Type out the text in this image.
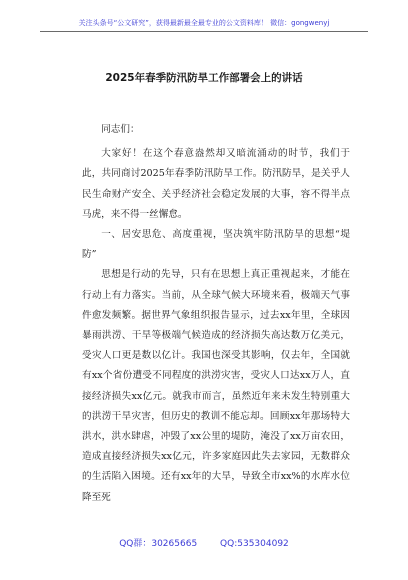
关注头条号“公文研究”，获得最新最全最专业的公文资料库！ 微信：gongwenyj
2025年春季防汛防旱工作部署会上的讲话

同志们：

大家好！在这个春意盎然却又暗流涌动的时节，我们于此，共同商讨2025年春季防汛防旱工作。防汛防旱，是关乎人民生命财产安全、关乎经济社会稳定发展的大事，容不得半点马虎，来不得一丝懈怠。

一、居安思危、高度重视，坚决筑牢防汛防旱的思想“堤防”

思想是行动的先导，只有在思想上真正重视起来，才能在行动上有力落实。当前，从全球气候大环境来看，极端天气事件愈发频繁。据世界气象组织报告显示，过去xx年里，全球因暴雨洪涝、干旱等极端气候造成的经济损失高达数万亿美元，受灾人口更是数以亿计。我国也深受其影响，仅去年，全国就有xx个省份遭受不同程度的洪涝灾害，受灾人口达xx万人，直接经济损失xx亿元。就我市而言，虽然近年来未发生特别重大的洪涝干旱灾害，但历史的教训不能忘却。回顾xx年那场特大洪水，洪水肆虐，冲毁了xx公里的堤防，淹没了xx万亩农田，造成直接经济损失xx亿元，许多家庭因此失去家园，无数群众的生活陷入困境。还有xx年的大旱，导致全市xx%的水库水位降至死

QQ群：30265665	QQ:535304092
